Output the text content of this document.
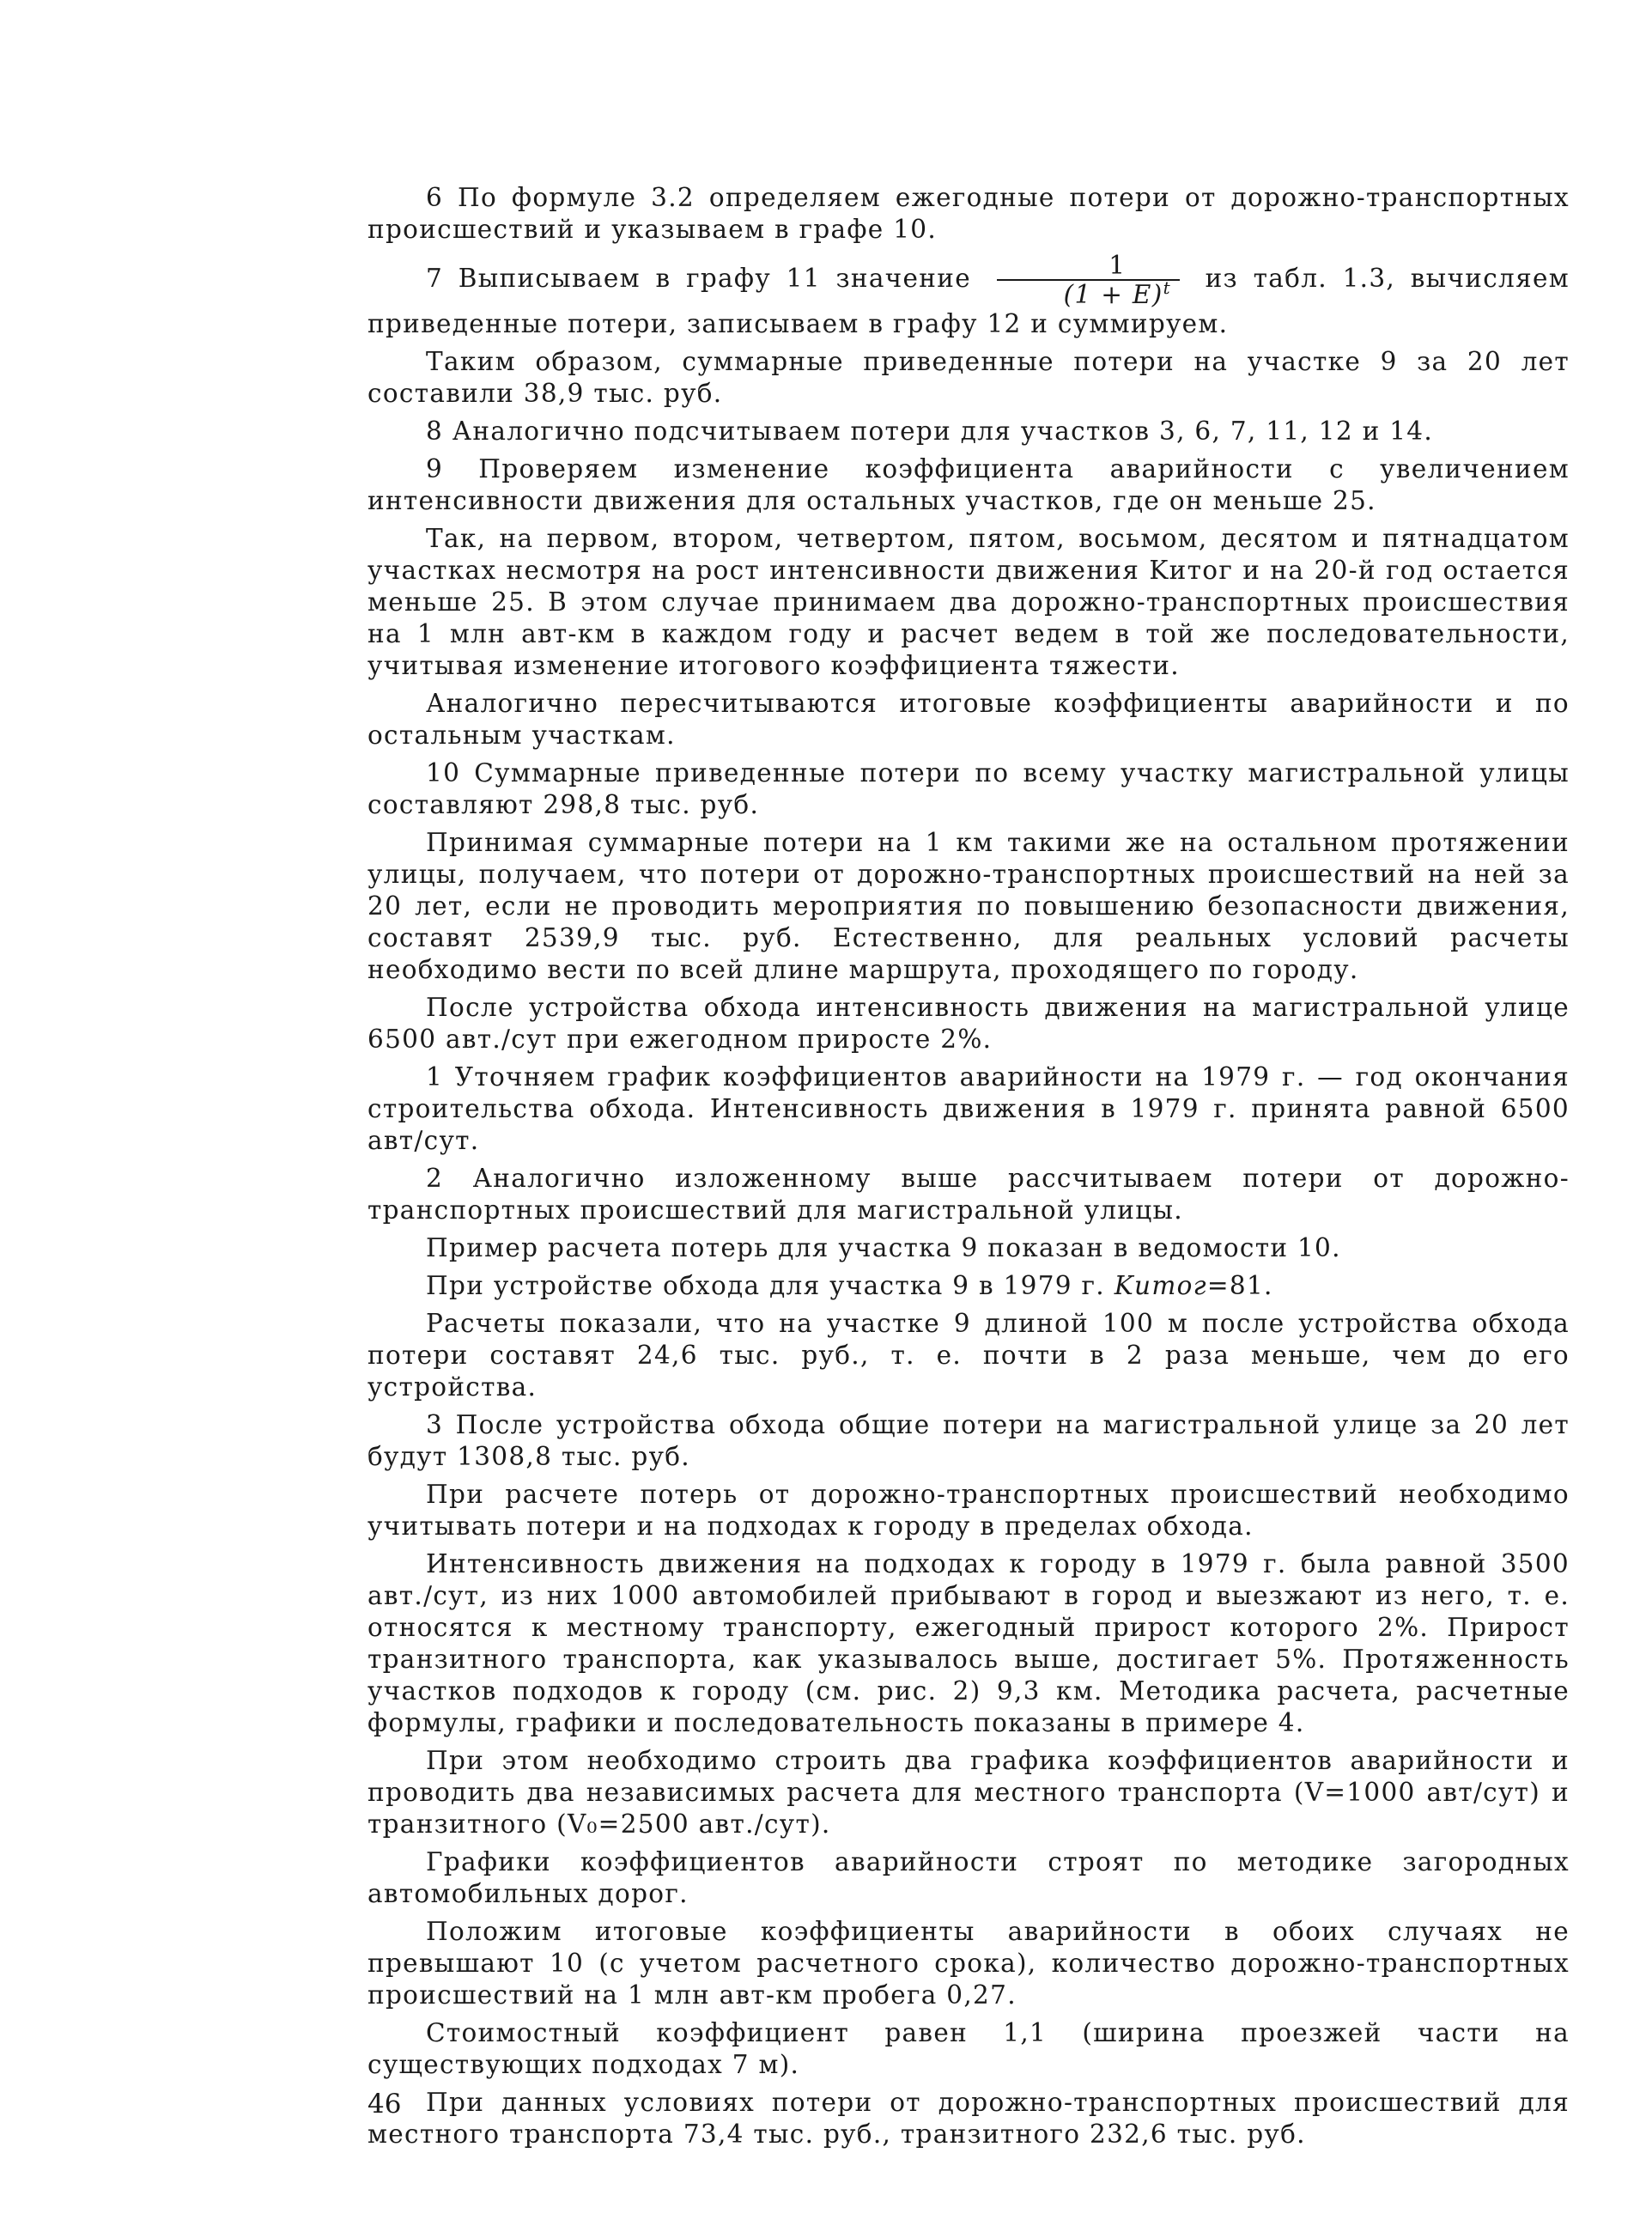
6 По формуле 3.2 определяем ежегодные потери от дорожно-транспортных происшествий и указываем в графе 10.

7 Выписываем в графу 11 значение $\frac{1}{(1 + E)^t}$ из табл. 1.3, вычисляем приведенные потери, записываем в графу 12 и суммируем.

Таким образом, суммарные приведенные потери на участке 9 за 20 лет составили 38,9 тыс. руб.

8 Аналогично подсчитываем потери для участков 3, 6, 7, 11, 12 и 14.

9 Проверяем изменение коэффициента аварийности с увеличением интенсивности движения для остальных участков, где он меньше 25.

Так, на первом, втором, четвертом, пятом, восьмом, десятом и пятнадцатом участках несмотря на рост интенсивности движения Kитог и на 20-й год остается меньше 25. В этом случае принимаем два дорожно-транспортных происшествия на 1 млн авт-км в каждом году и расчет ведем в той же последовательности, учитывая изменение итогового коэффициента тяжести.

Аналогично пересчитываются итоговые коэффициенты аварийности и по остальным участкам.

10 Суммарные приведенные потери по всему участку магистральной улицы составляют 298,8 тыс. руб.

Принимая суммарные потери на 1 км такими же на остальном протяжении улицы, получаем, что потери от дорожно-транспортных происшествий на ней за 20 лет, если не проводить мероприятия по повышению безопасности движения, составят 2539,9 тыс. руб. Естественно, для реальных условий расчеты необходимо вести по всей длине маршрута, проходящего по городу.

После устройства обхода интенсивность движения на магистральной улице 6500 авт./сут при ежегодном приросте 2%.

1 Уточняем график коэффициентов аварийности на 1979 г. — год окончания строительства обхода. Интенсивность движения в 1979 г. принята равной 6500 авт/сут.

2 Аналогично изложенному выше рассчитываем потери от дорожно-транспортных происшествий для магистральной улицы.

Пример расчета потерь для участка 9 показан в ведомости 10.

При устройстве обхода для участка 9 в 1979 г. Kитог=81.

Расчеты показали, что на участке 9 длиной 100 м после устройства обхода потери составят 24,6 тыс. руб., т. е. почти в 2 раза меньше, чем до его устройства.

3 После устройства обхода общие потери на магистральной улице за 20 лет будут 1308,8 тыс. руб.

При расчете потерь от дорожно-транспортных происшествий необходимо учитывать потери и на подходах к городу в пределах обхода.

Интенсивность движения на подходах к городу в 1979 г. была равной 3500 авт./сут, из них 1000 автомобилей прибывают в город и выезжают из него, т. е. относятся к местному транспорту, ежегодный прирост которого 2%. Прирост транзитного транспорта, как указывалось выше, достигает 5%. Протяженность участков подходов к городу (см. рис. 2) 9,3 км. Методика расчета, расчетные формулы, графики и последовательность показаны в примере 4.

При этом необходимо строить два графика коэффициентов аварийности и проводить два независимых расчета для местного транспорта (V=1000 авт/сут) и транзитного (V₀=2500 авт./сут).

Графики коэффициентов аварийности строят по методике загородных автомобильных дорог.

Положим итоговые коэффициенты аварийности в обоих случаях не превышают 10 (с учетом расчетного срока), количество дорожно-транспортных происшествий на 1 млн авт-км пробега 0,27.

Стоимостный коэффициент равен 1,1 (ширина проезжей части на существующих подходах 7 м).

При данных условиях потери от дорожно-транспортных происшествий для местного транспорта 73,4 тыс. руб., транзитного 232,6 тыс. руб.

46
